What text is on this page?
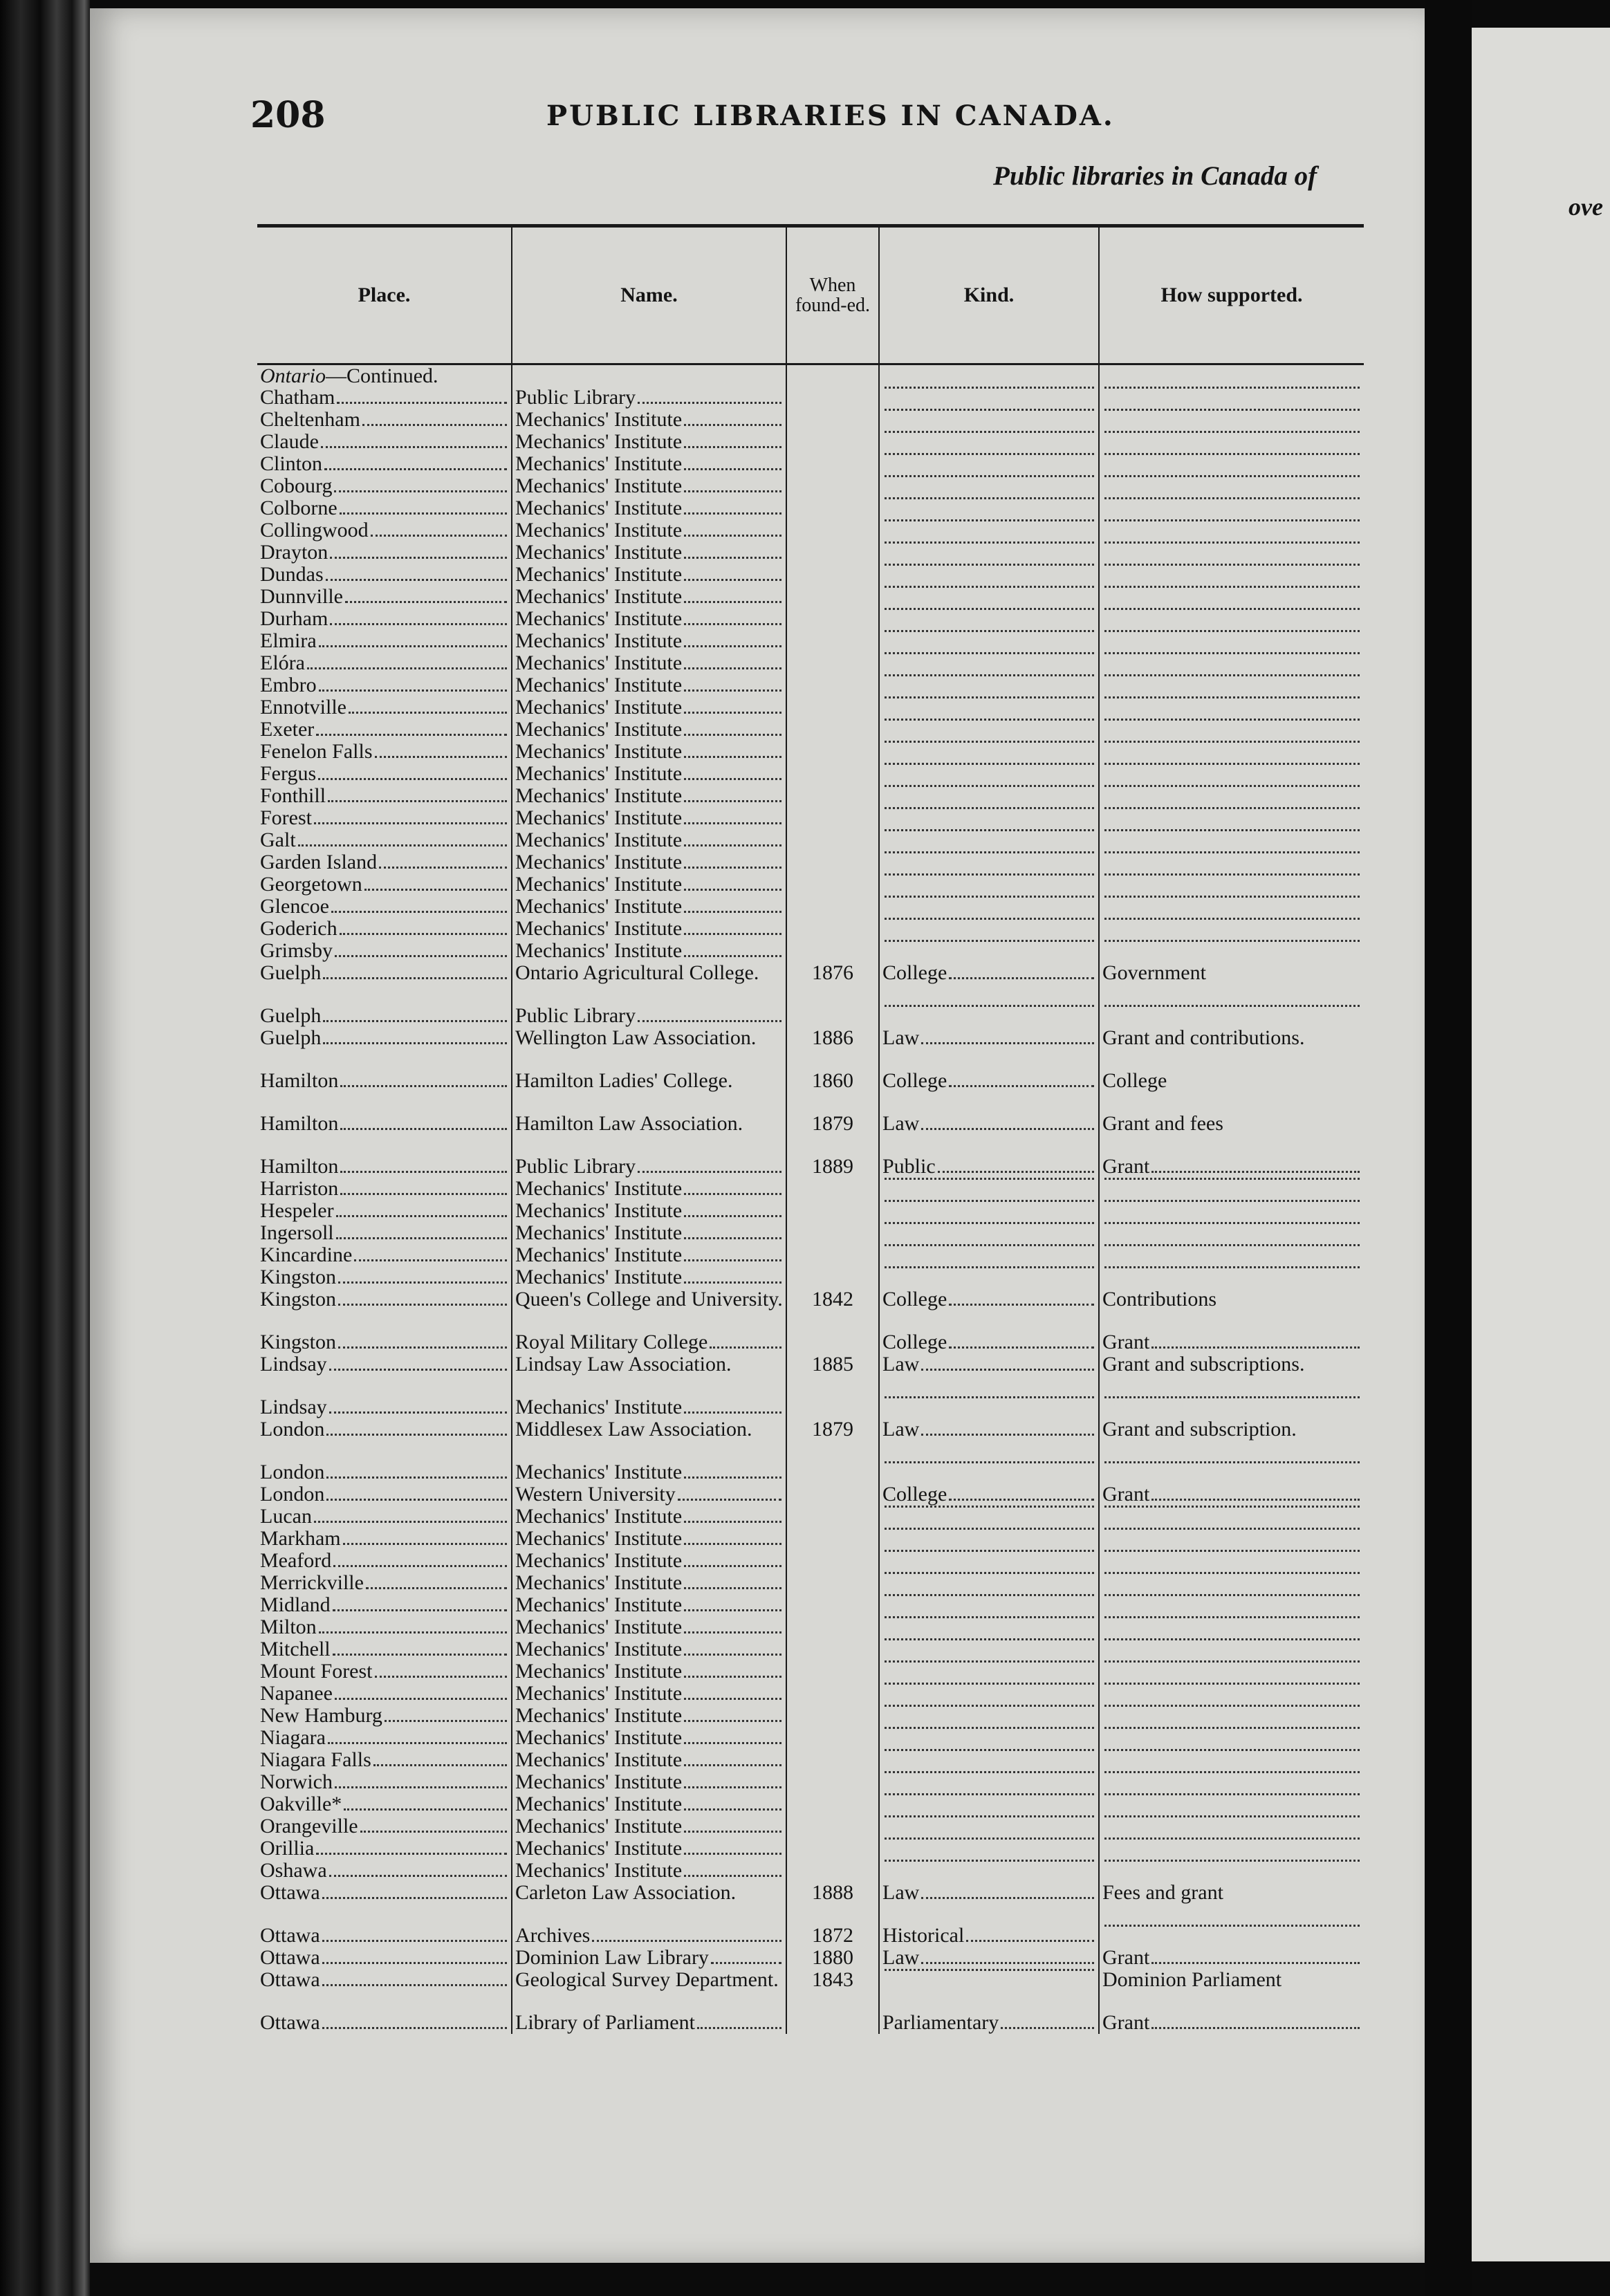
ove
208	PUBLIC LIBRARIES IN CANADA.
Public libraries in Canada of
Place.	Name.	When found-ed.	Kind.	How supported.
Ontario—Continued.				

Chatham	Public Library			

Cheltenham	Mechanics' Institute			

Claude	Mechanics' Institute			

Clinton	Mechanics' Institute			

Cobourg	Mechanics' Institute			

Colborne	Mechanics' Institute			

Collingwood	Mechanics' Institute			

Drayton	Mechanics' Institute			

Dundas	Mechanics' Institute			

Dunnville	Mechanics' Institute			

Durham	Mechanics' Institute			

Elmira	Mechanics' Institute			

Elóra	Mechanics' Institute			

Embro	Mechanics' Institute			

Ennotville	Mechanics' Institute			

Exeter	Mechanics' Institute			

Fenelon Falls	Mechanics' Institute			

Fergus	Mechanics' Institute			

Fonthill	Mechanics' Institute			

Forest	Mechanics' Institute			

Galt	Mechanics' Institute			

Garden Island	Mechanics' Institute			

Georgetown	Mechanics' Institute			

Glencoe	Mechanics' Institute			

Goderich	Mechanics' Institute			

Grimsby	Mechanics' Institute			

Guelph	Ontario Agricultural College.	1876	College	Government

Guelph	Public Library			

Guelph	Wellington Law Association.	1886	Law	Grant and contributions.

Hamilton	Hamilton Ladies' College.	1860	College	College

Hamilton	Hamilton Law Association.	1879	Law	Grant and fees

Hamilton	Public Library	1889	Public	Grant

Harriston	Mechanics' Institute			

Hespeler	Mechanics' Institute			

Ingersoll	Mechanics' Institute			

Kincardine	Mechanics' Institute			

Kingston	Mechanics' Institute			

Kingston	Queen's College and University.	1842	College	Contributions

Kingston	Royal Military College		College	Grant

Lindsay	Lindsay Law Association.	1885	Law	Grant and subscriptions.

Lindsay	Mechanics' Institute			

London	Middlesex Law Association.	1879	Law	Grant and subscription.

London	Mechanics' Institute			

London	Western University		College	Grant

Lucan	Mechanics' Institute			

Markham	Mechanics' Institute			

Meaford	Mechanics' Institute			

Merrickville	Mechanics' Institute			

Midland	Mechanics' Institute			

Milton	Mechanics' Institute			

Mitchell	Mechanics' Institute			

Mount Forest	Mechanics' Institute			

Napanee	Mechanics' Institute			

New Hamburg	Mechanics' Institute			

Niagara	Mechanics' Institute			

Niagara Falls	Mechanics' Institute			

Norwich	Mechanics' Institute			

Oakville*	Mechanics' Institute			

Orangeville	Mechanics' Institute			

Orillia	Mechanics' Institute			

Oshawa	Mechanics' Institute			

Ottawa	Carleton Law Association.	1888	Law	Fees and grant

Ottawa	Archives	1872	Historical	

Ottawa	Dominion Law Library	1880	Law	Grant

Ottawa	Geological Survey Department.	1843		Dominion Parliament

Ottawa	Library of Parliament		Parliamentary	Grant
